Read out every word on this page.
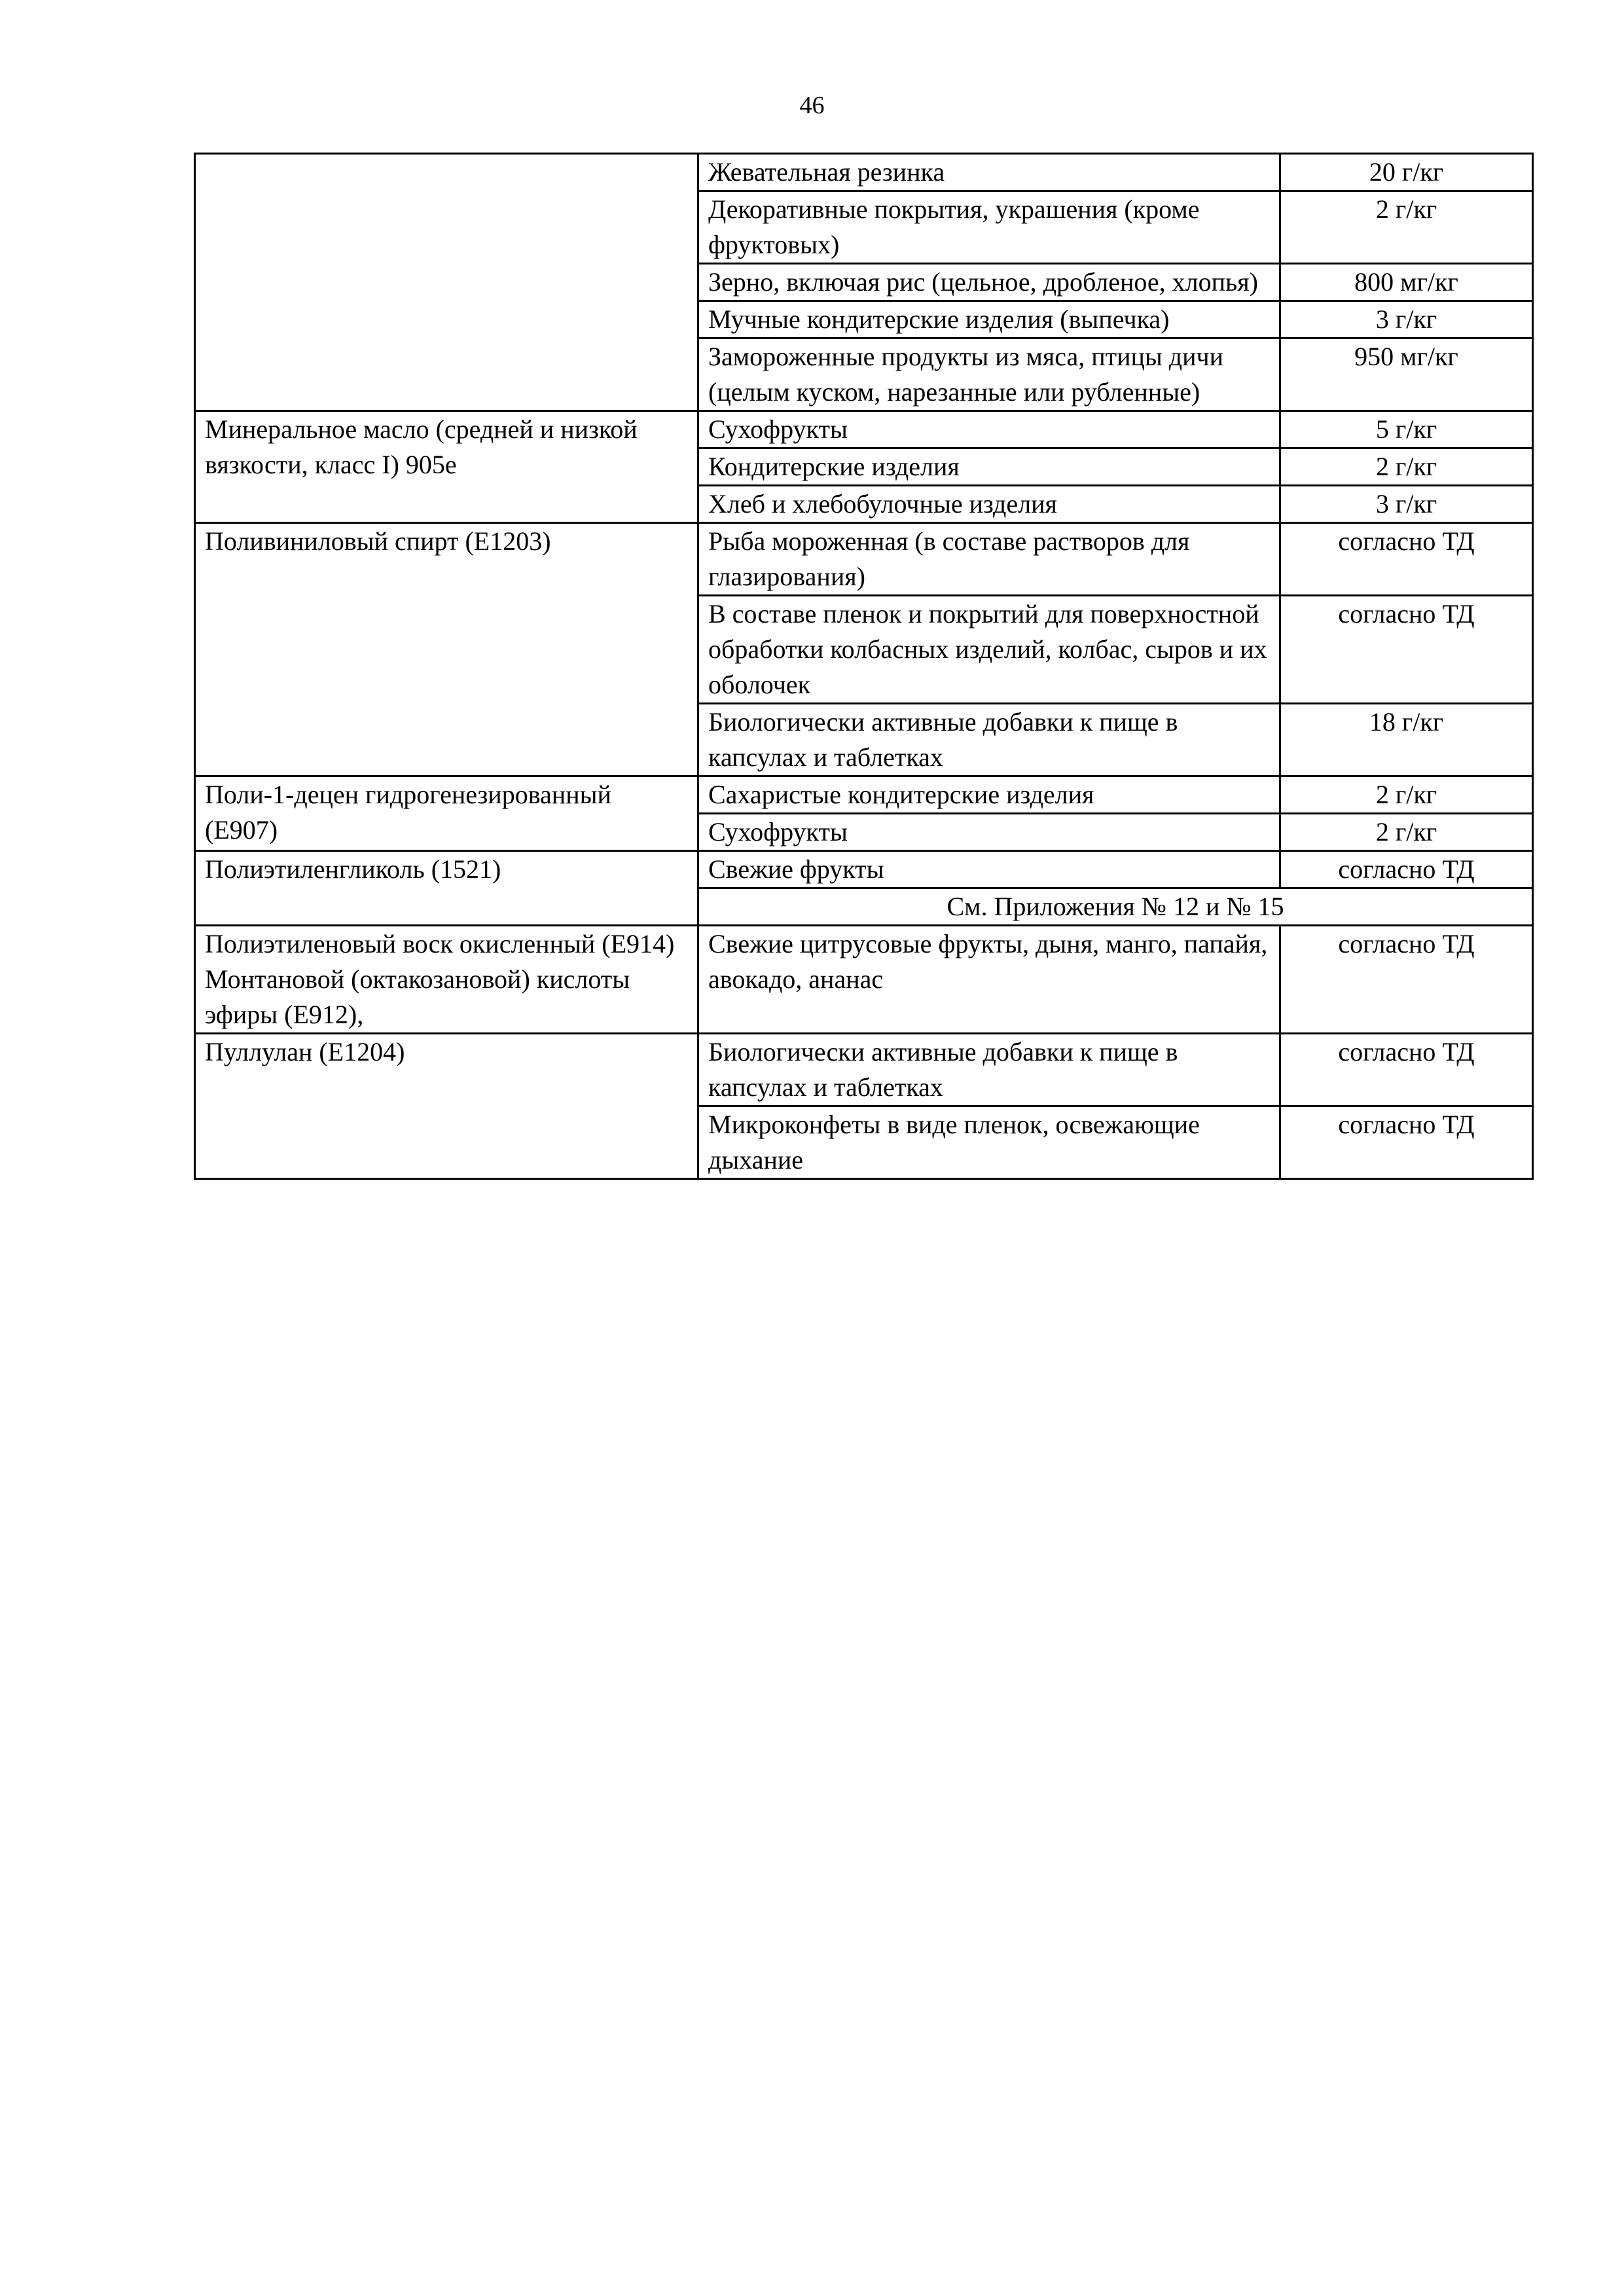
46
	Жевательная резинка	20 г/кг
	Декоративные покрытия, украшения (кроме фруктовых)	2 г/кг
	Зерно, включая рис (цельное, дробленое, хлопья)	800 мг/кг
	Мучные кондитерские изделия (выпечка)	3 г/кг
	Замороженные продукты из мяса, птицы дичи (целым куском, нарезанные или рубленные)	950 мг/кг

Минеральное масло (средней и низкой вязкости, класс I) 905е	Сухофрукты	5 г/кг
	Кондитерские изделия	2 г/кг
	Хлеб и хлебобулочные изделия	3 г/кг

Поливиниловый спирт (Е1203)	Рыба мороженная (в составе растворов для глазирования)	согласно ТД
	В составе пленок и покрытий для поверхностной обработки колбасных изделий, колбас, сыров и их оболочек	согласно ТД
	Биологически активные добавки к пище в капсулах и таблетках	18 г/кг

Поли-1-децен гидрогенезированный (Е907)	Сахаристые кондитерские изделия	2 г/кг
	Сухофрукты	2 г/кг

Полиэтиленгликоль (1521)	Свежие фрукты	согласно ТД
	См. Приложения № 12 и № 15	

Полиэтиленовый воск окисленный (Е914)
Монтановой (октакозановой) кислоты эфиры (Е912),	Свежие цитрусовые фрукты, дыня, манго, папайя, авокадо, ананас	согласно ТД

Пуллулан (Е1204)	Биологически активные добавки к пище в капсулах и таблетках	согласно ТД
	Микроконфеты в виде пленок, освежающие дыхание	согласно ТД
